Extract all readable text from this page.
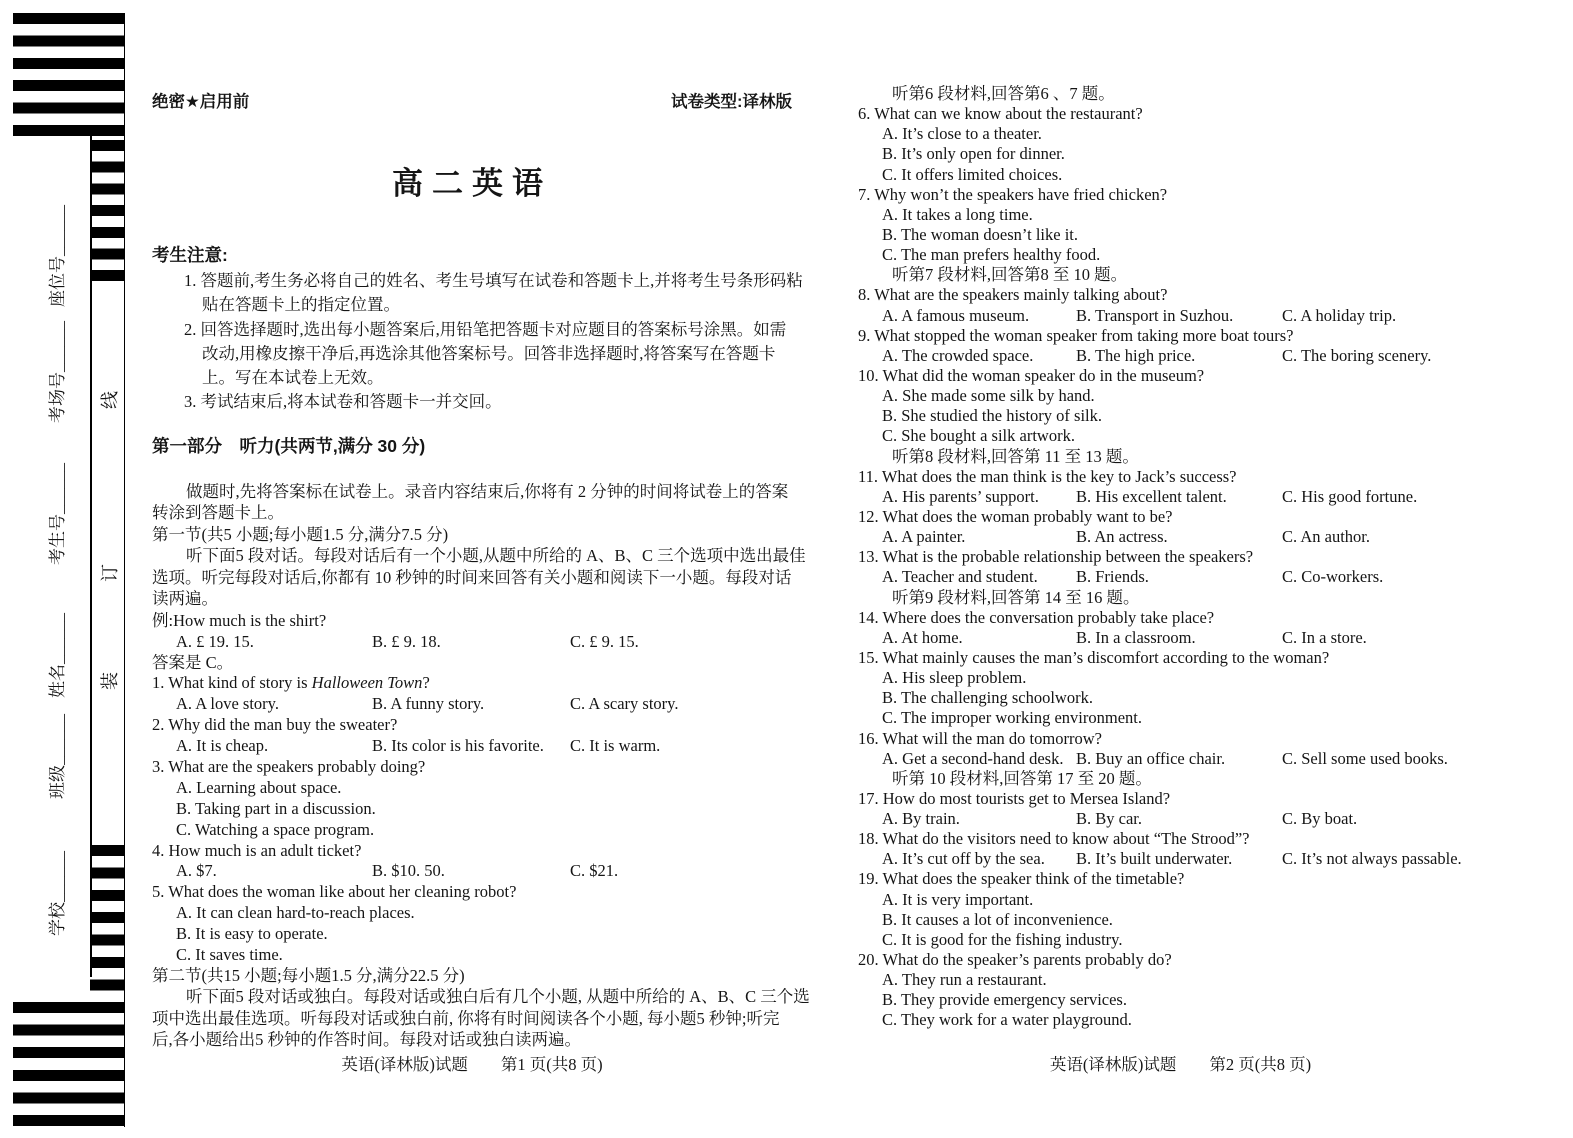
装订线
学校______班级______姓名______考生号______考场号______座位号______
绝密★启用前	试卷类型:译林版
高二英语
考生注意:
1. 答题前,考生务必将自己的姓名、考生号填写在试卷和答题卡上,并将考生号条形码粘
贴在答题卡上的指定位置。
2. 回答选择题时,选出每小题答案后,用铅笔把答题卡对应题目的答案标号涂黑。如需
改动,用橡皮擦干净后,再选涂其他答案标号。回答非选择题时,将答案写在答题卡
上。写在本试卷上无效。
3. 考试结束后,将本试卷和答题卡一并交回。
第一部分　听力(共两节,满分 30 分)
做题时,先将答案标在试卷上。录音内容结束后,你将有 2 分钟的时间将试卷上的答案
转涂到答题卡上。
第一节(共5 小题;每小题1.5 分,满分7.5 分)
听下面5 段对话。每段对话后有一个小题,从题中所给的 A、B、C 三个选项中选出最佳
选项。听完每段对话后,你都有 10 秒钟的时间来回答有关小题和阅读下一小题。每段对话
读两遍。
例:How much is the shirt?
A. £ 19. 15.	B. £ 9. 18.	C. £ 9. 15.
答案是 C。
1. What kind of story is Halloween Town?
A. A love story.	B. A funny story.	C. A scary story.
2. Why did the man buy the sweater?
A. It is cheap.	B. Its color is his favorite. C. It is warm.
3. What are the speakers probably doing?
A. Learning about space.
B. Taking part in a discussion.
C. Watching a space program.
4. How much is an adult ticket?
A. $7.	B. $10. 50.	C. $21.
5. What does the woman like about her cleaning robot?
A. It can clean hard-to-reach places.
B. It is easy to operate.
C. It saves time.
第二节(共15 小题;每小题1.5 分,满分22.5 分)
听下面5 段对话或独白。每段对话或独白后有几个小题, 从题中所给的 A、B、C 三个选
项中选出最佳选项。听每段对话或独白前, 你将有时间阅读各个小题, 每小题5 秒钟;听完
后,各小题给出5 秒钟的作答时间。每段对话或独白读两遍。
听第6 段材料,回答第6 、7 题。
6. What can we know about the restaurant?
A. It’s close to a theater.
B. It’s only open for dinner.
C. It offers limited choices.
7. Why won’t the speakers have fried chicken?
A. It takes a long time.
B. The woman doesn’t like it.
C. The man prefers healthy food.
听第7 段材料,回答第8 至 10 题。
8. What are the speakers mainly talking about?
A. A famous museum.	B. Transport in Suzhou.	C. A holiday trip.
9. What stopped the woman speaker from taking more boat tours?
A. The crowded space.	B. The high price.	C. The boring scenery.
10. What did the woman speaker do in the museum?
A. She made some silk by hand.
B. She studied the history of silk.
C. She bought a silk artwork.
听第8 段材料,回答第 11 至 13 题。
11. What does the man think is the key to Jack’s success?
A. His parents’ support. B. His excellent talent.	C. His good fortune.
12. What does the woman probably want to be?
A. A painter.	B. An actress.	C. An author.
13. What is the probable relationship between the speakers?
A. Teacher and student. B. Friends.	C. Co-workers.
听第9 段材料,回答第 14 至 16 题。
14. Where does the conversation probably take place?
A. At home.	B. In a classroom.	C. In a store.
15. What mainly causes the man’s discomfort according to the woman?
A. His sleep problem.
B. The challenging schoolwork.
C. The improper working environment.
16. What will the man do tomorrow?
A. Get a second-hand desk. B. Buy an office chair.	C. Sell some used books.
听第 10 段材料,回答第 17 至 20 题。
17. How do most tourists get to Mersea Island?
A. By train.	B. By car.	C. By boat.
18. What do the visitors need to know about “The Strood”?
A. It’s cut off by the sea. B. It’s built underwater.	C. It’s not always passable.
19. What does the speaker think of the timetable?
A. It is very important.
B. It causes a lot of inconvenience.
C. It is good for the fishing industry.
20. What do the speaker’s parents probably do?
A. They run a restaurant.
B. They provide emergency services.
C. They work for a water playground.
英语(译林版)试题　　第1 页(共8 页)	英语(译林版)试题　　第2 页(共8 页)
